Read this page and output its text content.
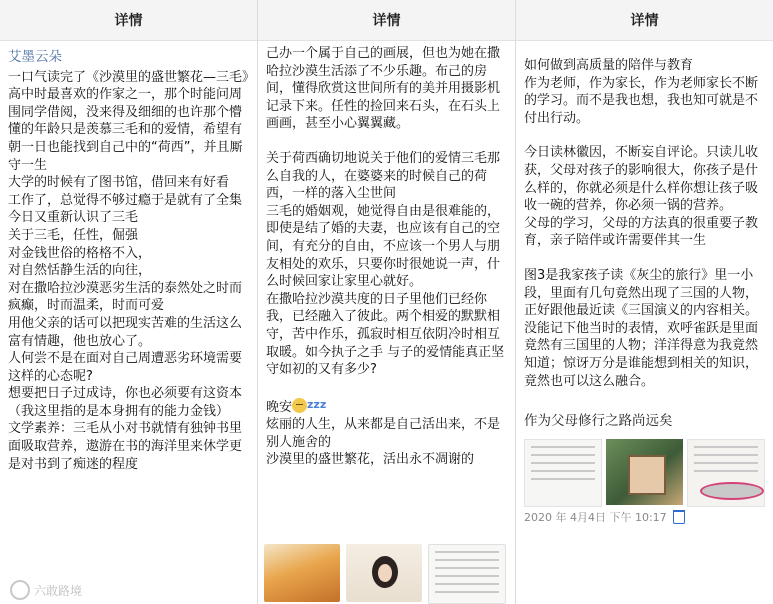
详情
艾墨云朵

一口气读完了《沙漠里的盛世繁花—三毛》

高中时最喜欢的作家之一，那个时能问周围同学借阅，没来得及细细的也许那个懵懂的年龄只是羡慕三毛和的爱情，希望有朝一日也能找到自己中的“荷西”，并且厮守一生

大学的时候有了图书馆，借回来有好看

工作了，总觉得不够过瘾于是就有了全集

今日又重新认识了三毛

关于三毛，任性，倔强

对金钱世俗的格格不入，

对自然恬静生活的向往，

对在撒哈拉沙漠恶劣生活的泰然处之时而疯癫，时而温柔，时而可爱

用他父亲的话可以把现实苦难的生活这么富有情趣，他也放心了。

人何尝不是在面对自己周遭恶劣环境需要这样的心态呢?

想要把日子过成诗，你也必须要有这资本（我这里指的是本身拥有的能力金钱）

文学素养：三毛从小对书就情有独钟书里面吸取营养，遨游在书的海洋里来休学更是对书到了痴迷的程度

六敢路境
详情

己办一个属于自己的画展，但也为她在撒哈拉沙漠生活添了不少乐趣。布己的房间，懂得欣赏这世间所有的美并用摄影机记录下来。任性的捡回来石头，在石头上画画，甚至小心翼翼藏。

关于荷西确切地说关于他们的爱情三毛那么自我的人，在婆婆来的时候自己的荷西，一样的落入尘世间

三毛的婚姻观，她觉得自由是很难能的，即使是结了婚的夫妻，也应该有自己的空间，有充分的自由，不应该一个男人与朋友相处的欢乐，只要你时很她说一声，什么时候回家让家里心就好。

在撒哈拉沙漠共度的日子里他们已经你我，已经融入了彼此。两个相爱的默默相守，苦中作乐，孤寂时相互依阴冷时相互取暖。如今执子之手 与子的爱情能真正坚守如初的又有多少?

晚安 $^{zzz}$

炫丽的人生，从来都是自己活出来，不是别人施舍的

沙漠里的盛世繁花，活出永不凋谢的

详情

如何做到高质量的陪伴与教育

作为老师，作为家长，作为老师家长不断的学习。而不是我也想，我也知可就是不付出行动。

今日读林徽因，不断妄自评论。只读儿收获，父母对孩子的影响很大，你孩子是什么样的，你就必须是什么样你想让孩子吸收一碗的营养，你必须一锅的营养。

父母的学习，父母的方法真的很重要子教育，亲子陪伴或许需要伴其一生

图3是我家孩子读《灰尘的旅行》里一小段，里面有几句竟然出现了三国的人物，正好跟他最近读《三国演义的内容相关。

没能记下他当时的表情，欢呼雀跃是里面竟然有三国里的人物；洋洋得意为我竟然知道；惊讶万分是谁能想到相关的知识，竟然也可以这么融合。

作为父母修行之路尚远矣
2020 年 4月4日 下午 10:17
